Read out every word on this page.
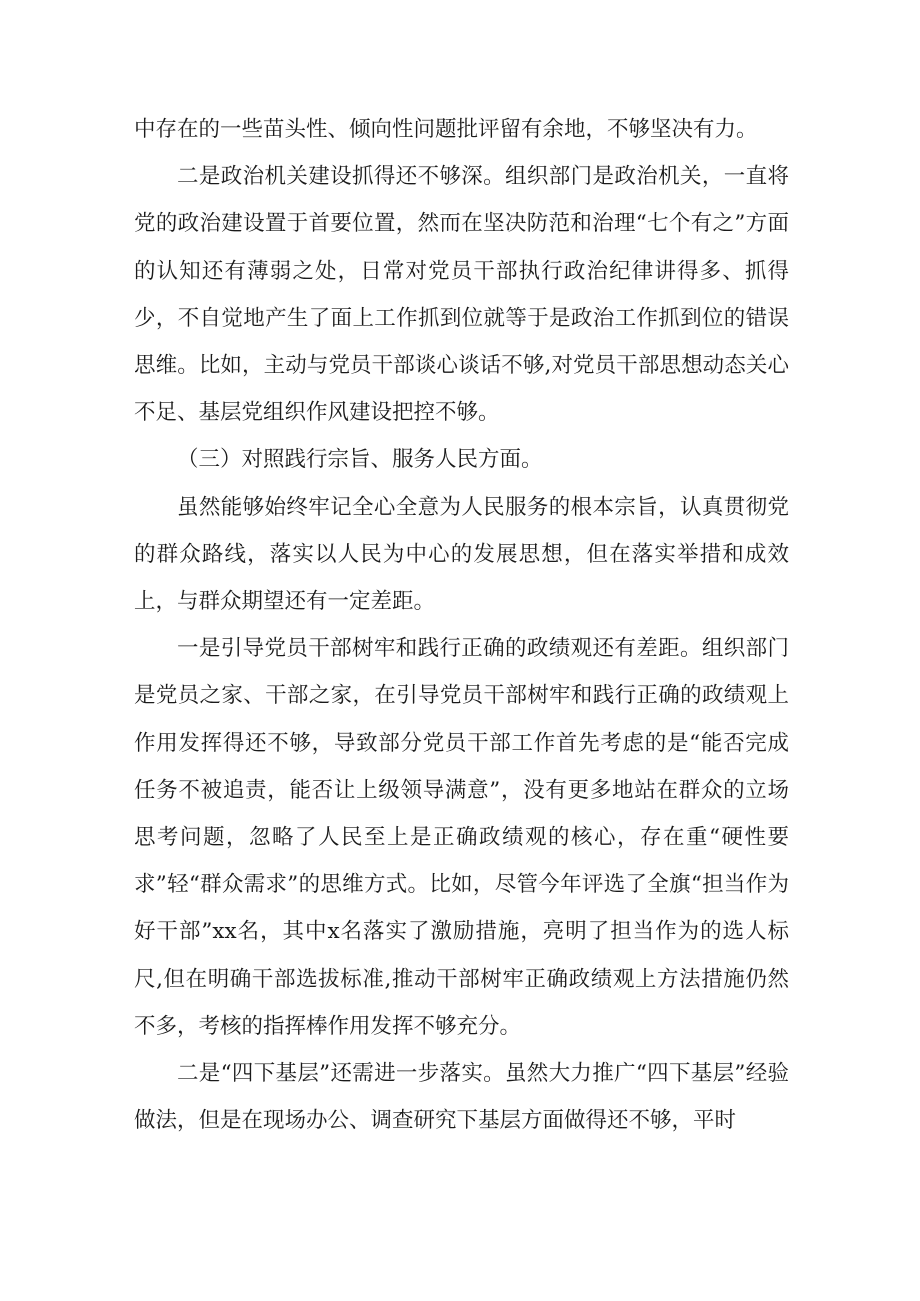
中存在的一些苗头性、倾向性问题批评留有余地，不够坚决有力。

二是政治机关建设抓得还不够深。组织部门是政治机关，一直将党的政治建设置于首要位置，然而在坚决防范和治理“七个有之”方面的认知还有薄弱之处，日常对党员干部执行政治纪律讲得多、抓得少，不自觉地产生了面上工作抓到位就等于是政治工作抓到位的错误思维。比如，主动与党员干部谈心谈话不够,对党员干部思想动态关心不足、基层党组织作风建设把控不够。

（三）对照践行宗旨、服务人民方面。

虽然能够始终牢记全心全意为人民服务的根本宗旨，认真贯彻党的群众路线，落实以人民为中心的发展思想，但在落实举措和成效上，与群众期望还有一定差距。

一是引导党员干部树牢和践行正确的政绩观还有差距。组织部门是党员之家、干部之家，在引导党员干部树牢和践行正确的政绩观上作用发挥得还不够，导致部分党员干部工作首先考虑的是“能否完成任务不被追责，能否让上级领导满意”，没有更多地站在群众的立场思考问题，忽略了人民至上是正确政绩观的核心，存在重“硬性要求”轻“群众需求”的思维方式。比如，尽管今年评选了全旗“担当作为好干部”xx名，其中x名落实了激励措施，亮明了担当作为的选人标尺,但在明确干部选拔标准,推动干部树牢正确政绩观上方法措施仍然不多，考核的指挥棒作用发挥不够充分。

二是“四下基层”还需进一步落实。虽然大力推广“四下基层”经验做法，但是在现场办公、调查研究下基层方面做得还不够，平时
